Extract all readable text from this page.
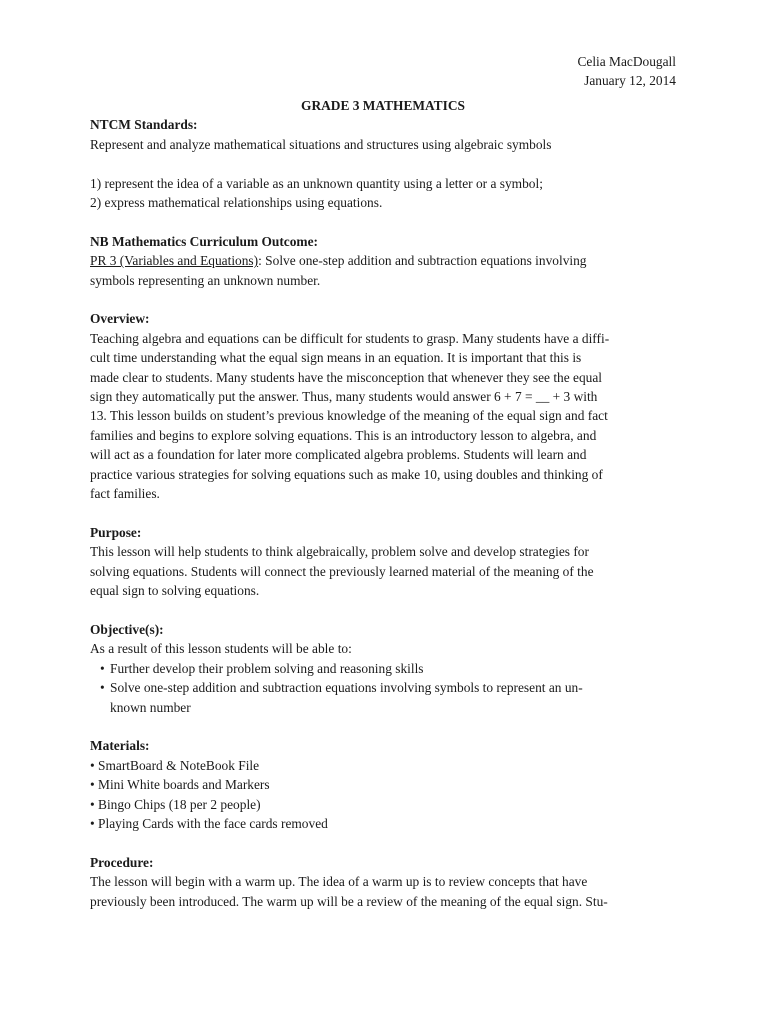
Celia MacDougall
January 12, 2014
GRADE 3 MATHEMATICS
NTCM Standards:

Represent and analyze mathematical situations and structures using algebraic symbols

1) represent the idea of a variable as an unknown quantity using a letter or a symbol;

2) express mathematical relationships using equations.

NB Mathematics Curriculum Outcome:

PR 3 (Variables and Equations): Solve one-step addition and subtraction equations involving

symbols representing an unknown number.

Overview:

Teaching algebra and equations can be difficult for students to grasp. Many students have a diffi-

cult time understanding what the equal sign means in an equation. It is important that this is

made clear to students. Many students have the misconception that whenever they see the equal

sign they automatically put the answer. Thus, many students would answer 6 + 7 = __ + 3 with

13. This lesson builds on student’s previous knowledge of the meaning of the equal sign and fact

families and begins to explore solving equations. This is an introductory lesson to algebra, and

will act as a foundation for later more complicated algebra problems. Students will learn and

practice various strategies for solving equations such as make 10, using doubles and thinking of

fact families.

Purpose:

This lesson will help students to think algebraically, problem solve and develop strategies for

solving equations. Students will connect the previously learned material of the meaning of the

equal sign to solving equations.

Objective(s):

As a result of this lesson students will be able to:

• Further develop their problem solving and reasoning skills
• Solve one-step addition and subtraction equations involving symbols to represent an un-
known number
Materials:

• SmartBoard & NoteBook File

• Mini White boards and Markers

• Bingo Chips (18 per 2 people)

• Playing Cards with the face cards removed

Procedure:

The lesson will begin with a warm up. The idea of a warm up is to review concepts that have

previously been introduced. The warm up will be a review of the meaning of the equal sign. Stu-
